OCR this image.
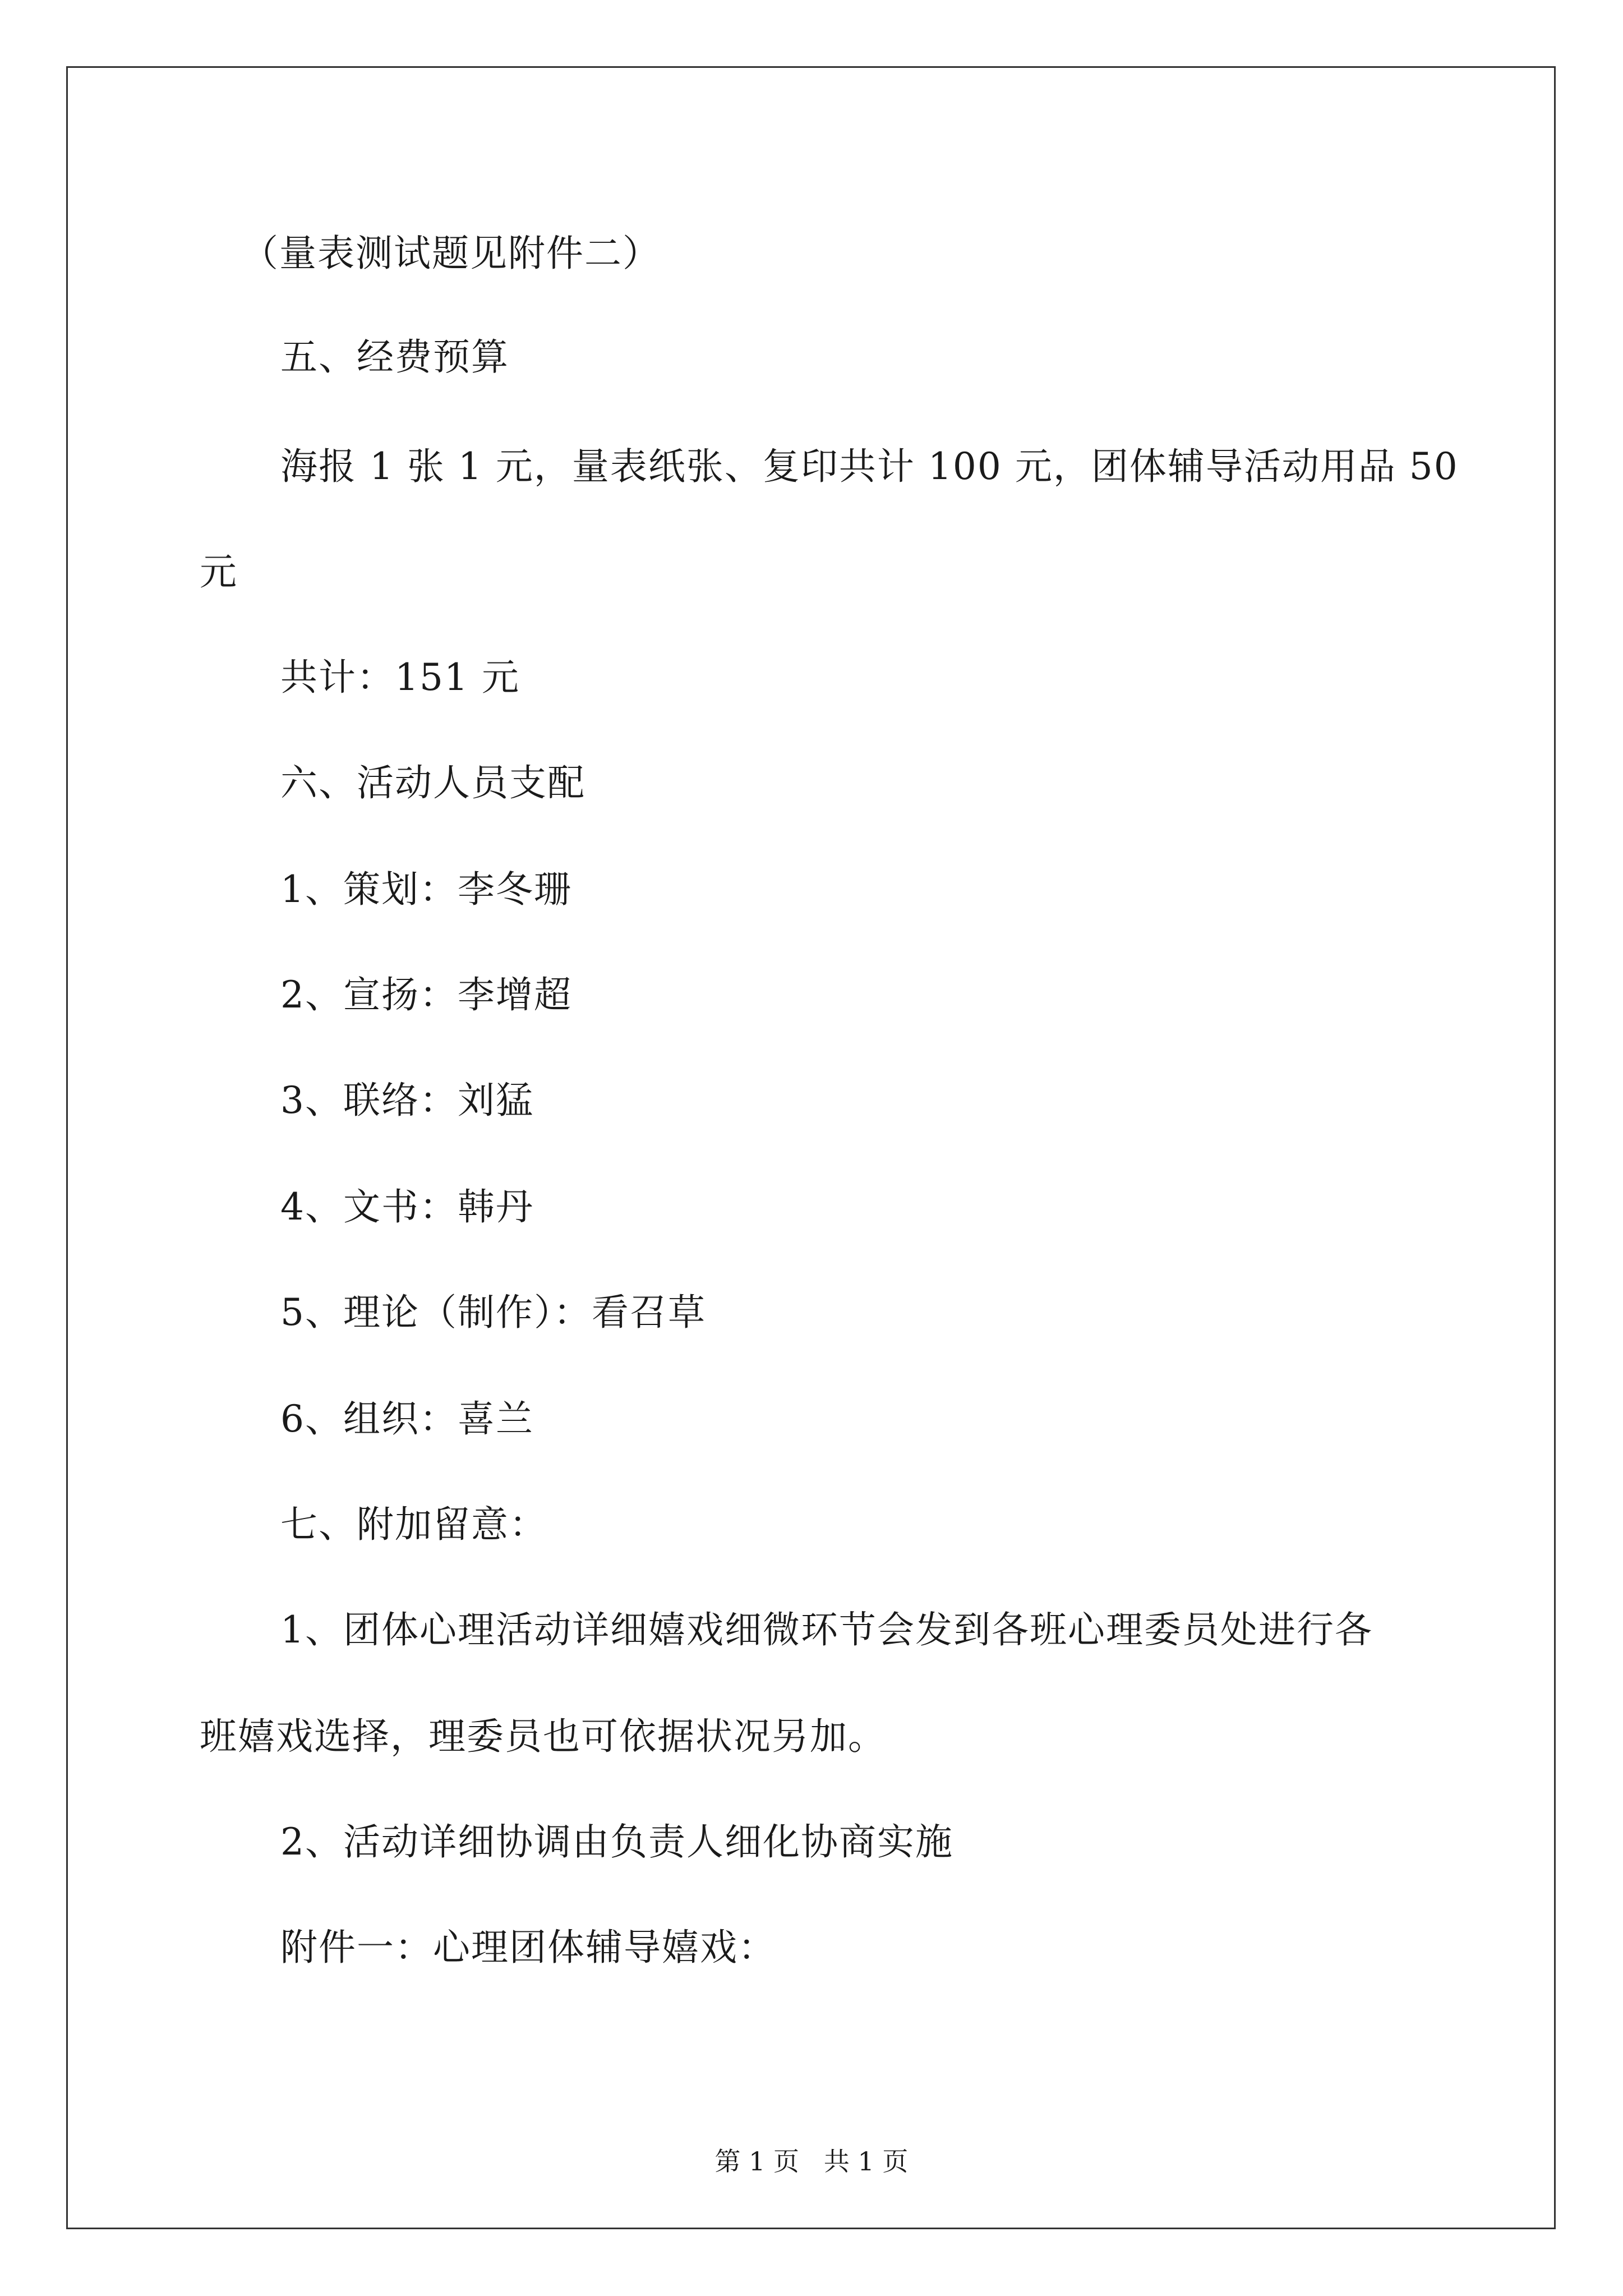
（量表测试题见附件二）
五、经费预算
海报 1 张 1 元，量表纸张、复印共计 100 元，团体辅导活动用品 50
元
共计：151 元
六、活动人员支配
1、策划：李冬珊
2、宣扬：李增超
3、联络：刘猛
4、文书：韩丹
5、理论（制作）：看召草
6、组织：喜兰
七、附加留意：
1、团体心理活动详细嬉戏细微环节会发到各班心理委员处进行各
班嬉戏选择，理委员也可依据状况另加。
2、活动详细协调由负责人细化协商实施
附件一：心理团体辅导嬉戏：
第 1 页   共 1 页
